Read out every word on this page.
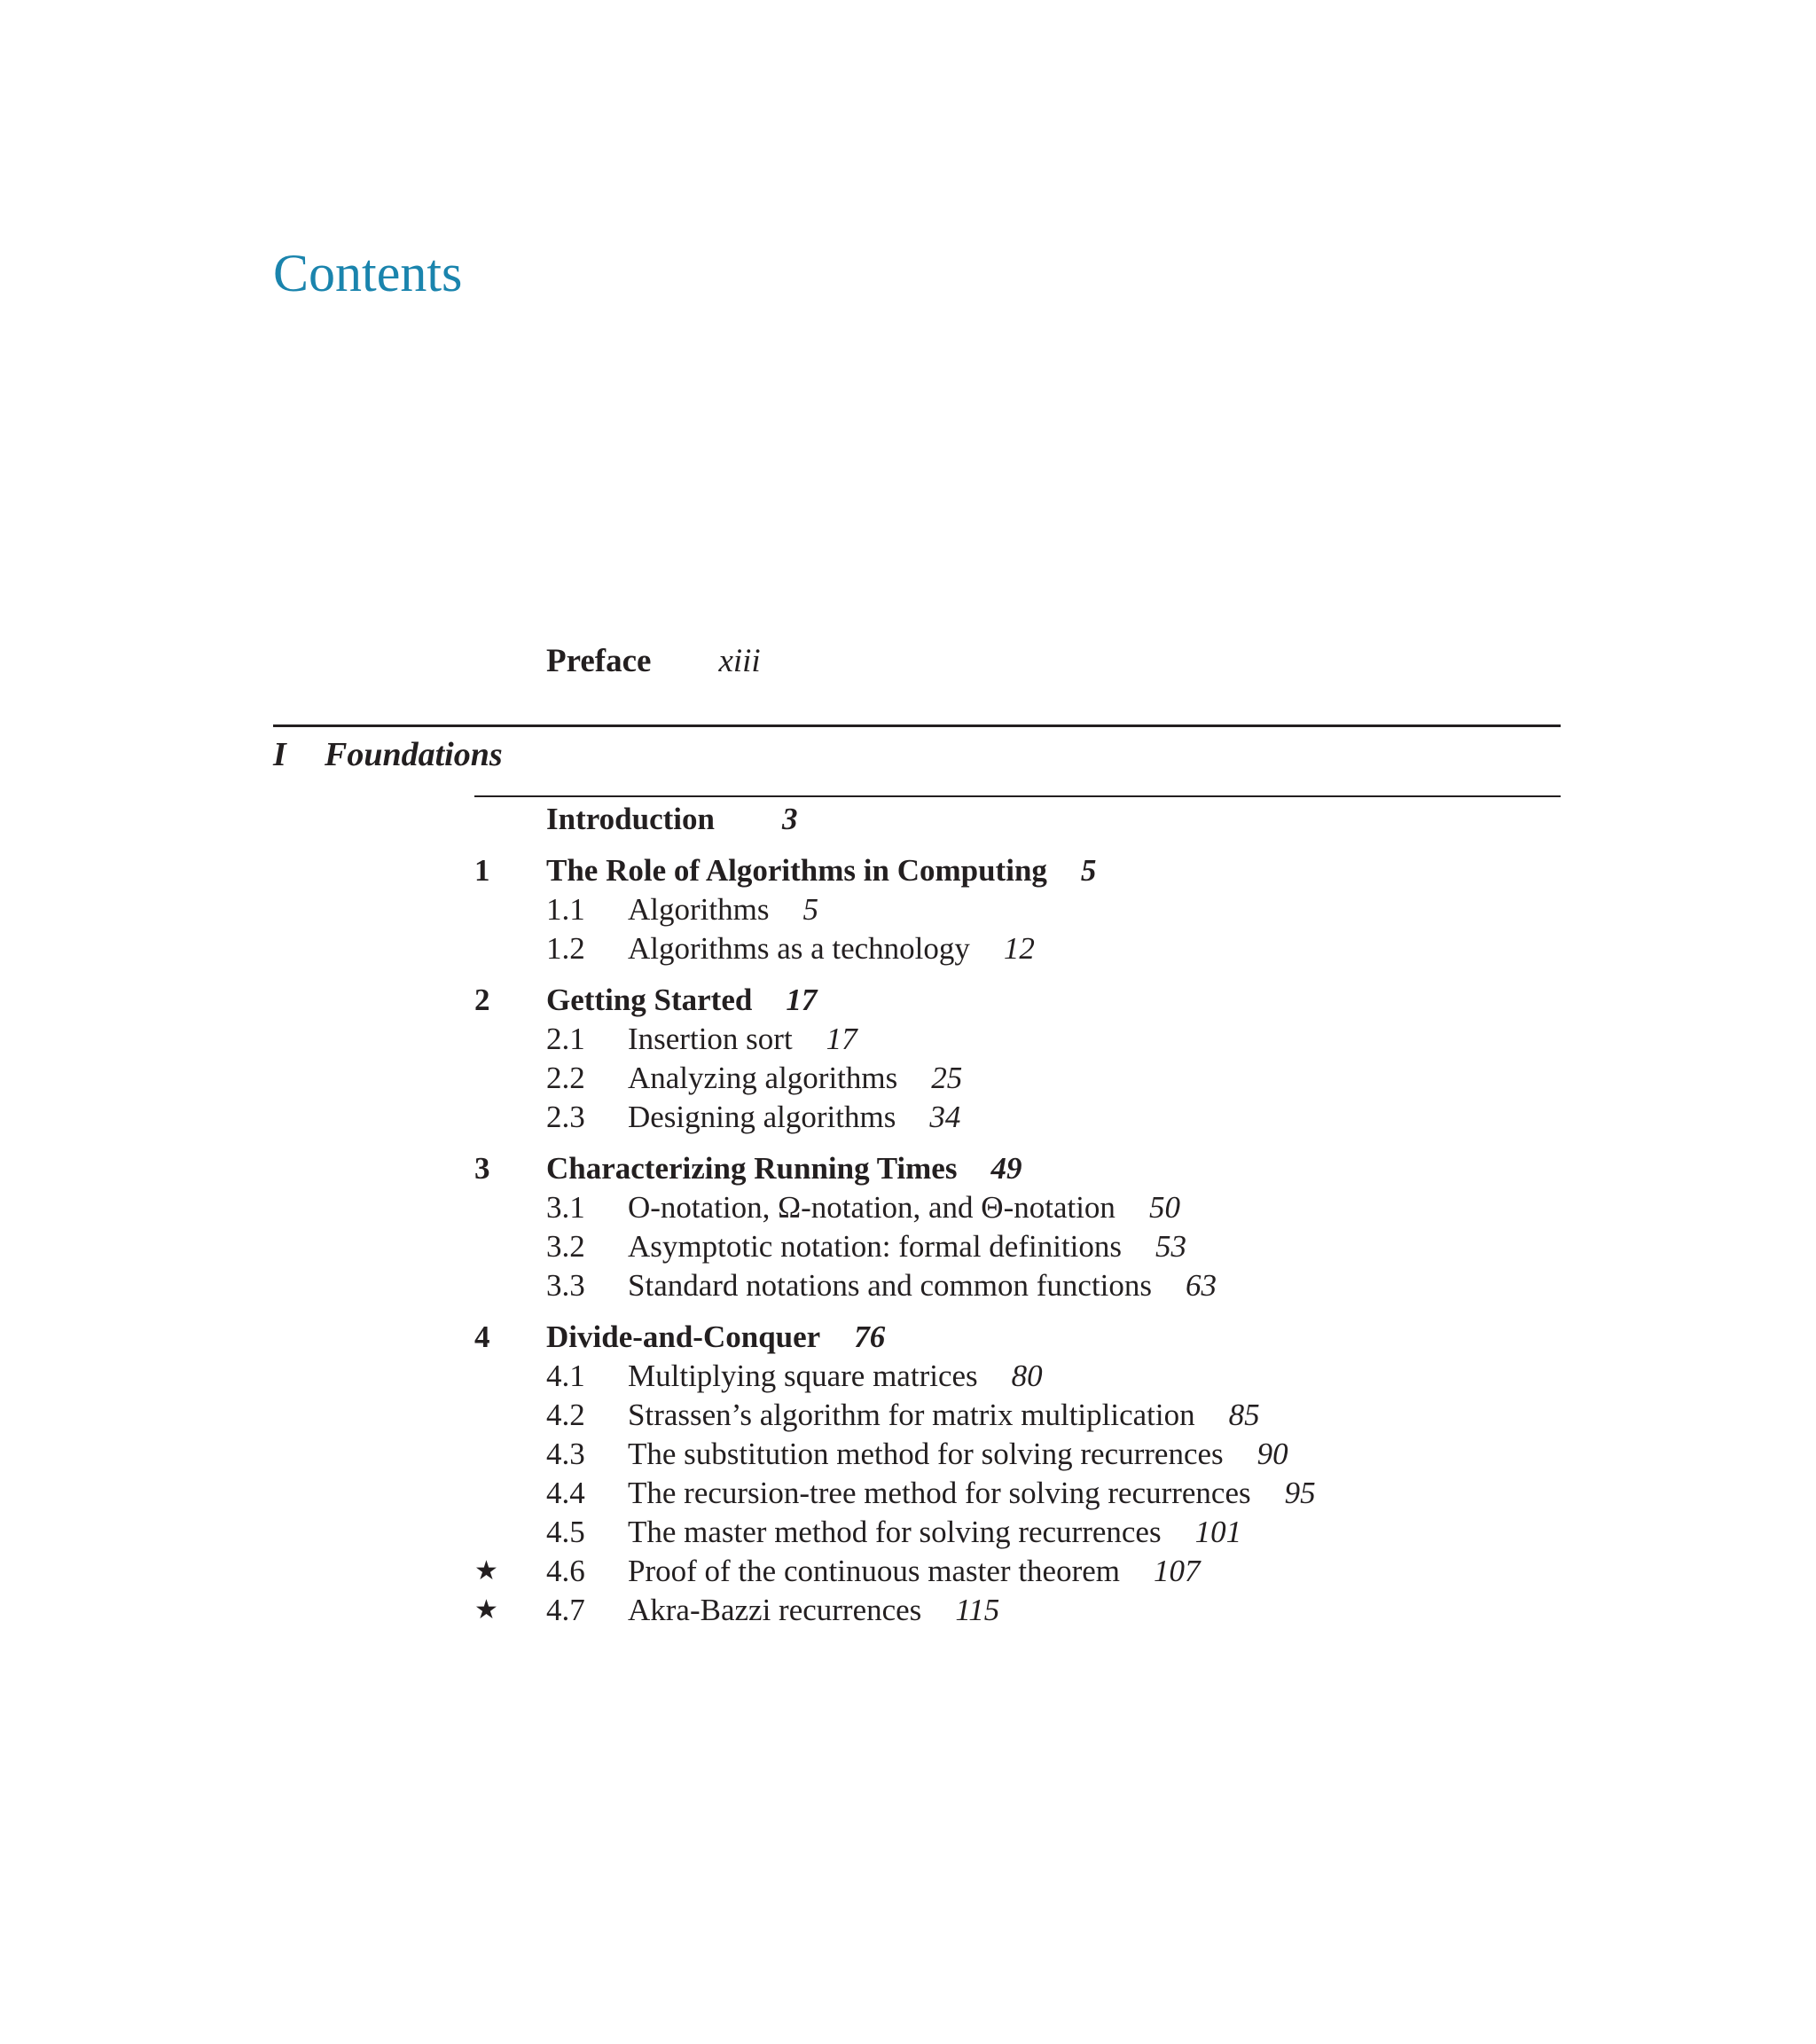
Contents
Preface xiii
I Foundations
Introduction 3
1 The Role of Algorithms in Computing 5
1.1 Algorithms 5
1.2 Algorithms as a technology 12
2 Getting Started 17
2.1 Insertion sort 17
2.2 Analyzing algorithms 25
2.3 Designing algorithms 34
3 Characterizing Running Times 49
3.1 O-notation, Ω-notation, and Θ-notation 50
3.2 Asymptotic notation: formal definitions 53
3.3 Standard notations and common functions 63
4 Divide-and-Conquer 76
4.1 Multiplying square matrices 80
4.2 Strassen’s algorithm for matrix multiplication 85
4.3 The substitution method for solving recurrences 90
4.4 The recursion-tree method for solving recurrences 95
4.5 The master method for solving recurrences 101
★ 4.6 Proof of the continuous master theorem 107
★ 4.7 Akra-Bazzi recurrences 115
